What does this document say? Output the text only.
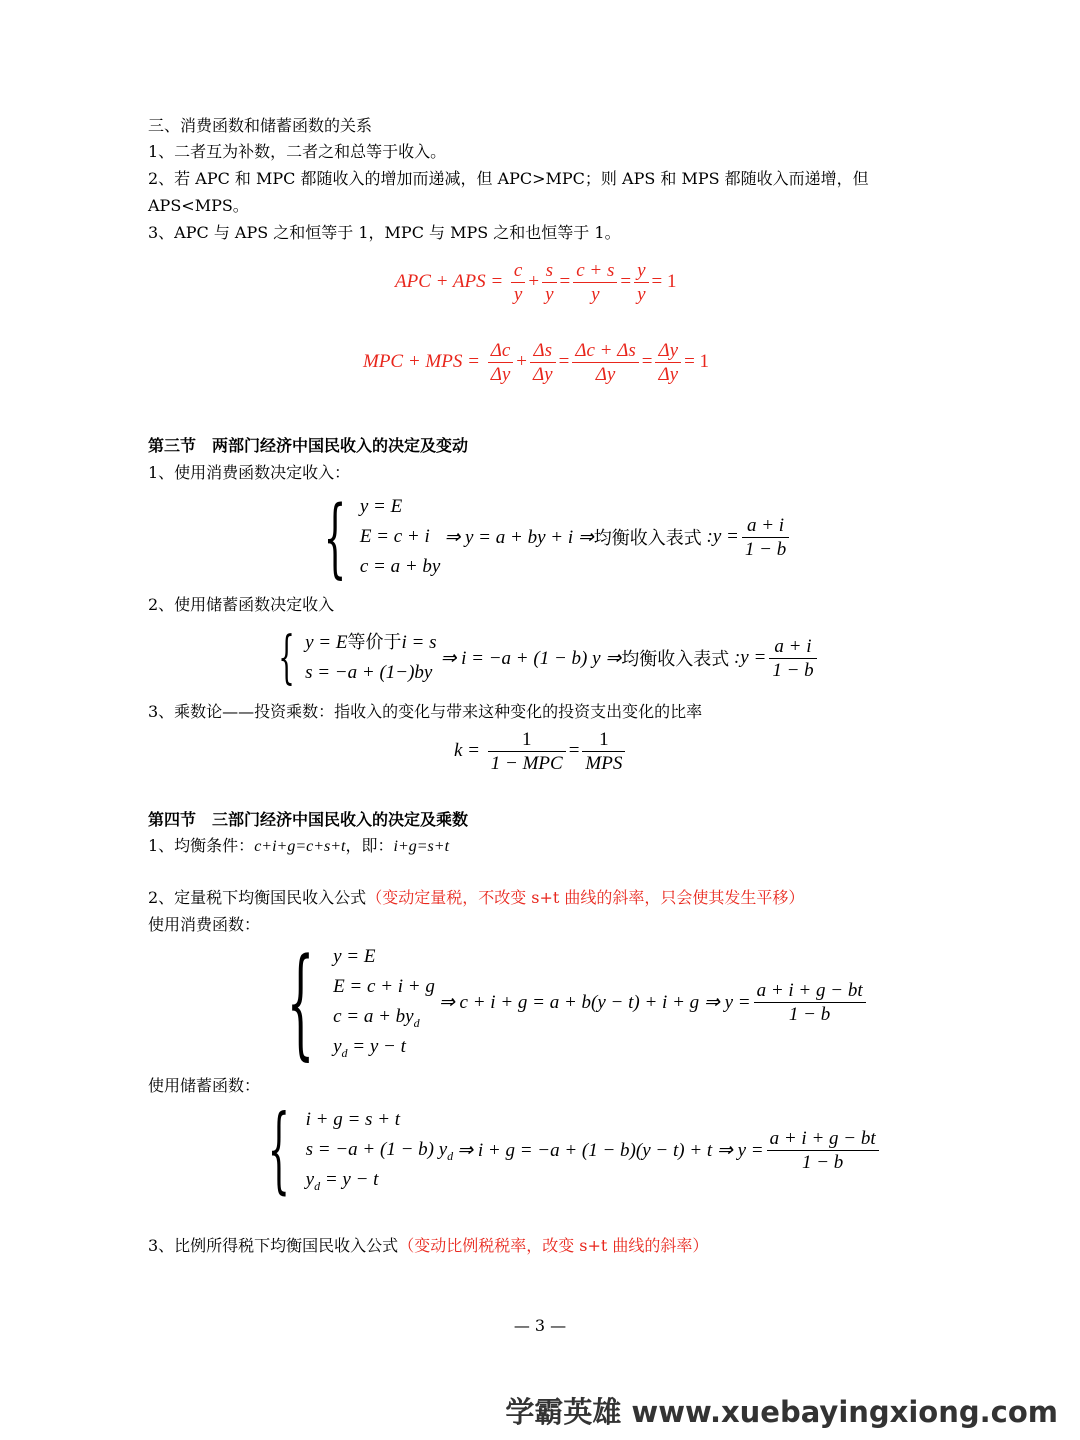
三、消费函数和储蓄函数的关系
1、二者互为补数，二者之和总等于收入。
2、若 APC 和 MPC 都随收入的增加而递减，但 APC>MPC；则 APS 和 MPS 都随收入而递增，但
APS<MPS。
3、APC 与 APS 之和恒等于 1，MPC 与 MPS 之和也恒等于 1。
APC + APS = $\frac{c}{y} + \frac{s}{y} = \frac{c + s}{y} = \frac{y}{y} = 1$
MPC + MPS = $\frac{\Delta c}{\Delta y} + \frac{\Delta s}{\Delta y} = \frac{\Delta c + \Delta s}{\Delta y} = \frac{\Delta y}{\Delta y} = 1$
第三节　两部门经济中国民收入的决定及变动
1、使用消费函数决定收入：
{ y = E
E = c + i
c = a + by
⇒ y = a + by + i ⇒ 均衡收入表式 : $y = \frac{a + i}{1 - b}$
2、使用储蓄函数决定收入
{ y = E等价于i = s
s = −a + (1−)by
⇒ i = −a + (1 − b) y ⇒ 均衡收入表式 : $y = \frac{a + i}{1 - b}$
3、乘数论——投资乘数：指收入的变化与带来这种变化的投资支出变化的比率
$k = \frac{1}{\text{1 − MPC}} = \frac{1}{\text{MPS}}$
第四节　三部门经济中国民收入的决定及乘数
1、均衡条件：c+i+g=c+s+t，即：i+g=s+t
2、定量税下均衡国民收入公式（变动定量税，不改变 s+t 曲线的斜率，只会使其发生平移）
使用消费函数：
{ y = E
E = c + i + g
$c = a + by_d$
$y_d = y - t$
⇒ c + i + g = a + b(y − t) + i + g ⇒ $y = \frac{a + i + g - bt}{1 - b}$
使用储蓄函数：
{ i + g = s + t
s = −a + (1 − b) $y_d$
$y_d = y - t$
⇒ i + g = −a + (1 − b)(y − t) + t ⇒ $y = \frac{a + i + g - bt}{1 - b}$
3、比例所得税下均衡国民收入公式（变动比例税税率，改变 s+t 曲线的斜率）
— 3 —
学霸英雄 www.xuebayingxiong.com
